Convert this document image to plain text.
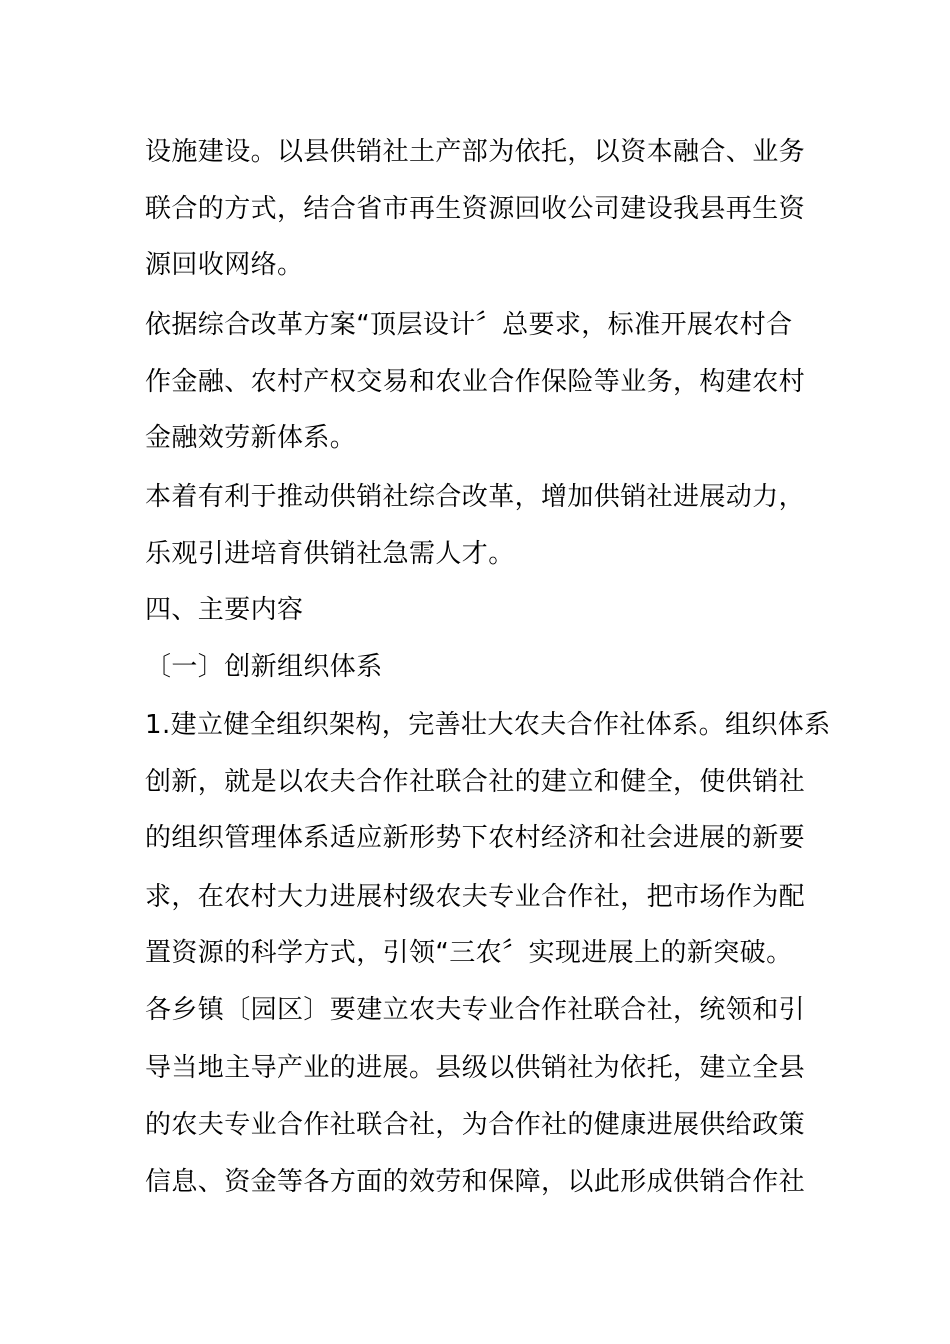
设施建设。以县供销社土产部为依托，以资本融合、业务
联合的方式，结合省市再生资源回收公司建设我县再生资
源回收网络。
依据综合改革方案“顶层设计〞总要求，标准开展农村合
作金融、农村产权交易和农业合作保险等业务，构建农村
金融效劳新体系。
本着有利于推动供销社综合改革，增加供销社进展动力，
乐观引进培育供销社急需人才。
四、主要内容
〔一〕创新组织体系
1.建立健全组织架构，完善壮大农夫合作社体系。组织体系
创新，就是以农夫合作社联合社的建立和健全，使供销社
的组织管理体系适应新形势下农村经济和社会进展的新要
求，在农村大力进展村级农夫专业合作社，把市场作为配
置资源的科学方式，引领“三农〞实现进展上的新突破。
各乡镇〔园区〕要建立农夫专业合作社联合社，统领和引
导当地主导产业的进展。县级以供销社为依托，建立全县
的农夫专业合作社联合社，为合作社的健康进展供给政策
信息、资金等各方面的效劳和保障，以此形成供销合作社
